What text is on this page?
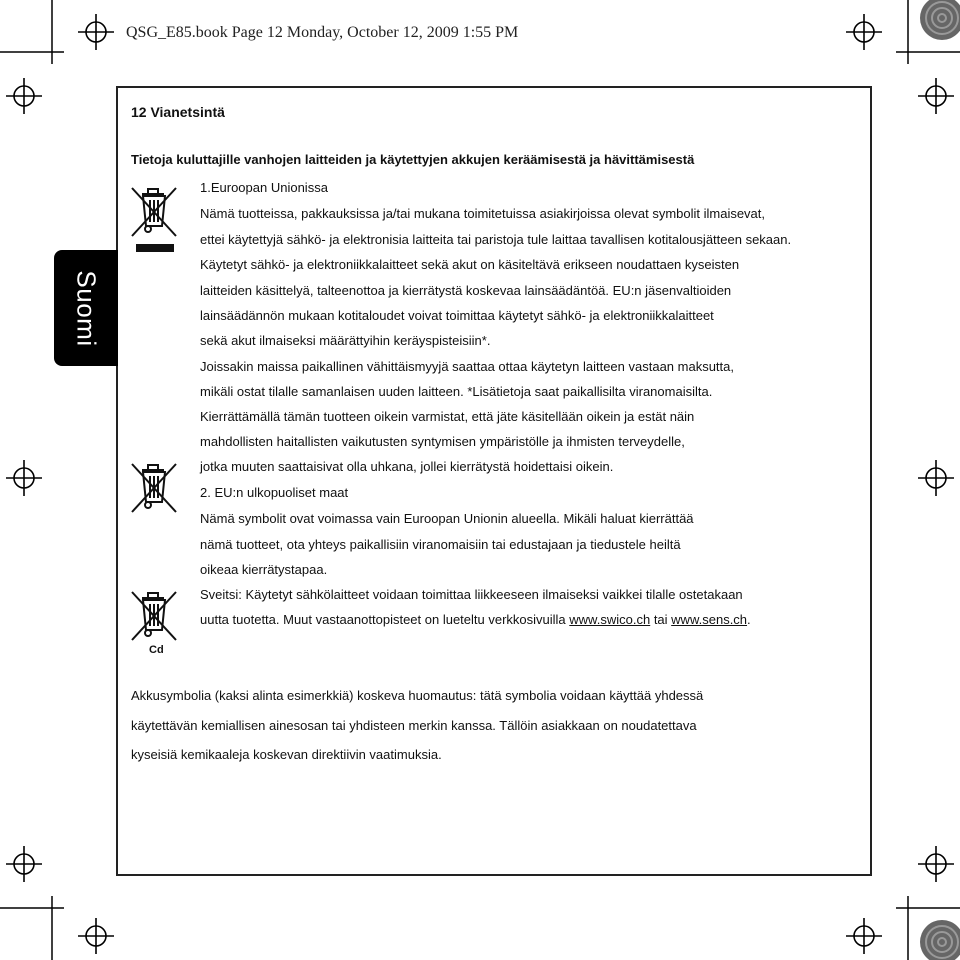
QSG_E85.book Page 12 Monday, October 12, 2009 1:55 PM

Suomi

12 Vianetsintä

Tietoja kuluttajille vanhojen laitteiden ja käytettyjen akkujen keräämisestä ja hävittämisestä

Cd

1.Euroopan Unionissa

Nämä tuotteissa, pakkauksissa ja/tai mukana toimitetuissa asiakirjoissa olevat symbolit ilmaisevat,

ettei käytettyjä sähkö- ja elektronisia laitteita tai paristoja tule laittaa tavallisen kotitalousjätteen sekaan.

Käytetyt sähkö- ja elektroniikkalaitteet sekä akut on käsiteltävä erikseen noudattaen kyseisten

laitteiden käsittelyä, talteenottoa ja kierrätystä koskevaa lainsäädäntöä. EU:n jäsenvaltioiden

lainsäädännön mukaan kotitaloudet voivat toimittaa käytetyt sähkö- ja elektroniikkalaitteet

sekä akut ilmaiseksi määrättyihin keräyspisteisiin*.

Joissakin maissa paikallinen vähittäismyyjä saattaa ottaa käytetyn laitteen vastaan maksutta,

mikäli ostat tilalle samanlaisen uuden laitteen. *Lisätietoja saat paikallisilta viranomaisilta.

Kierrättämällä tämän tuotteen oikein varmistat, että jäte käsitellään oikein ja estät näin

mahdollisten haitallisten vaikutusten syntymisen ympäristölle ja ihmisten terveydelle,

jotka muuten saattaisivat olla uhkana, jollei kierrätystä hoidettaisi oikein.

2. EU:n ulkopuoliset maat

Nämä symbolit ovat voimassa vain Euroopan Unionin alueella. Mikäli haluat kierrättää

nämä tuotteet, ota yhteys paikallisiin viranomaisiin tai edustajaan ja tiedustele heiltä

oikeaa kierrätystapaa.

Sveitsi: Käytetyt sähkölaitteet voidaan toimittaa liikkeeseen ilmaiseksi vaikkei tilalle ostetakaan

uutta tuotetta. Muut vastaanottopisteet on lueteltu verkkosivuilla www.swico.ch tai www.sens.ch.

Akkusymbolia (kaksi alinta esimerkkiä) koskeva huomautus: tätä symbolia voidaan käyttää yhdessä

käytettävän kemiallisen ainesosan tai yhdisteen merkin kanssa. Tällöin asiakkaan on noudatettava

kyseisiä kemikaaleja koskevan direktiivin vaatimuksia.
